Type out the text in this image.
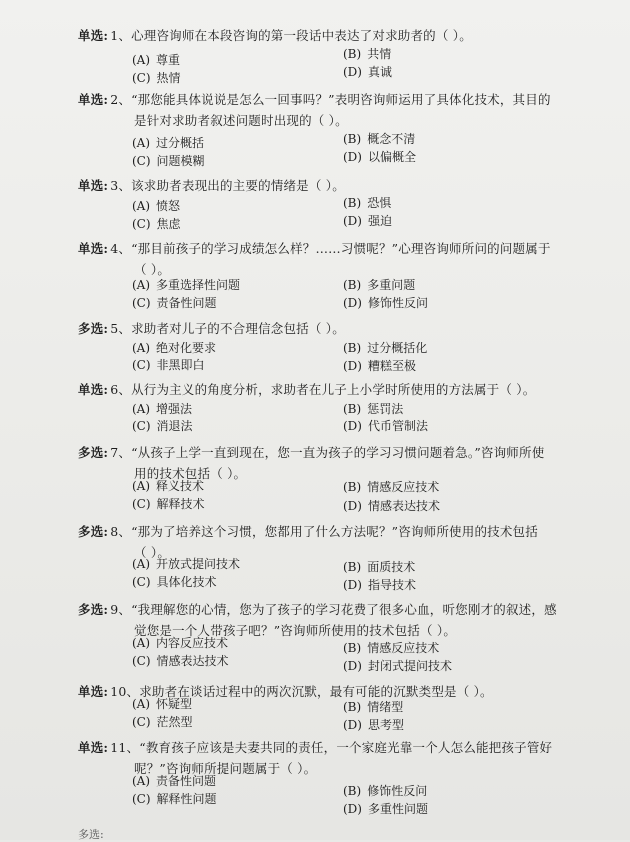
单选: 1、心理咨询师在本段咨询的第一段话中表达了对求助者的（ ）。
(A) 尊重	(B) 共情
(C) 热情	(D) 真诚
单选: 2、“那您能具体说说是怎么一回事吗？”表明咨询师运用了具体化技术，其目的
是针对求助者叙述问题时出现的（ ）。
(A) 过分概括	(B) 概念不清
(C) 问题模糊	(D) 以偏概全
单选: 3、该求助者表现出的主要的情绪是（ ）。
(A) 愤怒	(B) 恐惧
(C) 焦虑	(D) 强迫
单选: 4、“那目前孩子的学习成绩怎么样？……习惯呢？”心理咨询师所问的问题属于
（ ）。
(A) 多重选择性问题	(B) 多重问题
(C) 责备性问题	(D) 修饰性反问
多选: 5、求助者对儿子的不合理信念包括（ ）。
(A) 绝对化要求	(B) 过分概括化
(C) 非黑即白	(D) 糟糕至极
单选: 6、从行为主义的角度分析，求助者在儿子上小学时所使用的方法属于（ ）。
(A) 增强法	(B) 惩罚法
(C) 消退法	(D) 代币管制法
多选: 7、“从孩子上学一直到现在，您一直为孩子的学习习惯问题着急。”咨询师所使
用的技术包括（ ）。
(A) 释义技术	(B) 情感反应技术
(C) 解释技术	(D) 情感表达技术
多选: 8、“那为了培养这个习惯，您都用了什么方法呢？”咨询师所使用的技术包括
（ ）。
(A) 开放式提问技术	(B) 面质技术
(C) 具体化技术	(D) 指导技术
多选: 9、“我理解您的心情，您为了孩子的学习花费了很多心血，听您刚才的叙述，感
觉您是一个人带孩子吧？”咨询师所使用的技术包括（ ）。
(A) 内容反应技术	(B) 情感反应技术
(C) 情感表达技术	(D) 封闭式提问技术
单选: 10、求助者在谈话过程中的两次沉默，最有可能的沉默类型是（ ）。
(A) 怀疑型	(B) 情绪型
(C) 茫然型	(D) 思考型
单选: 11、“教育孩子应该是夫妻共同的责任，一个家庭光靠一个人怎么能把孩子管好
呢？”咨询师所提问题属于（ ）。
(A) 责备性问题
(B) 修饰性反问
(C) 解释性问题
(D) 多重性问题
多选:
